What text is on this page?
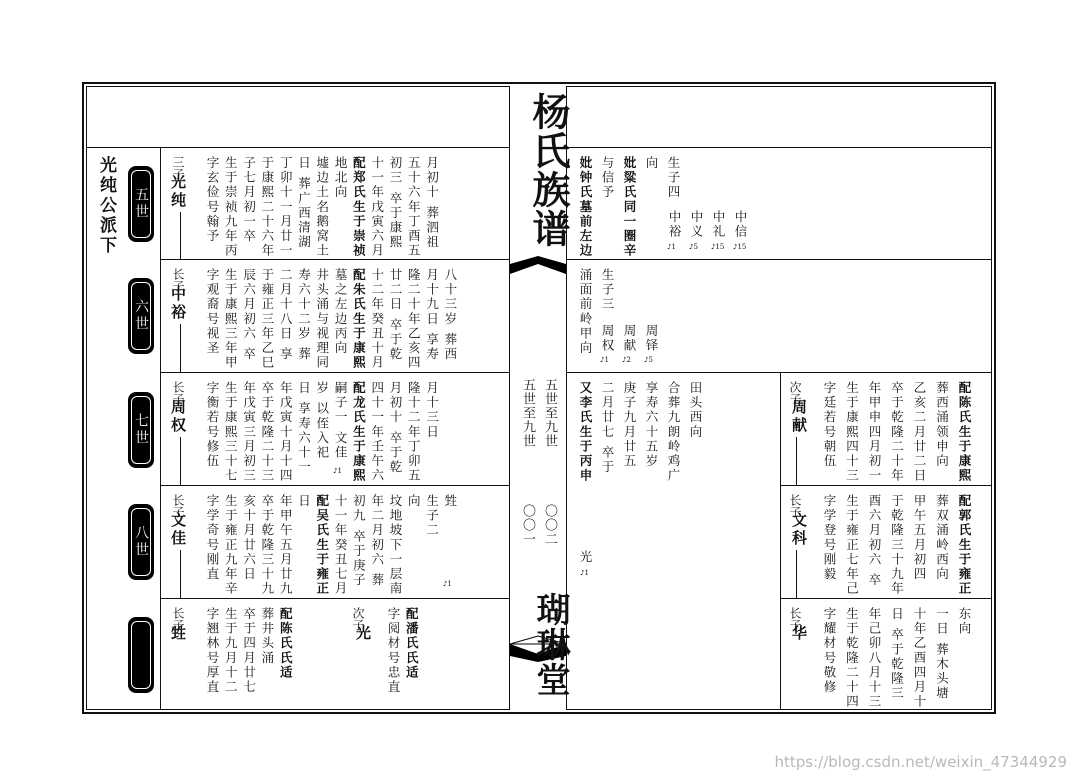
光纯公派下 五世
六世
七世
八世
三子
光纯 字玄俭号翰予 生于崇祯九年丙 子七月初一卒 于康熙二十六年 丁卯十一月廿一 日 葬广西清湖 墟边土名鹅窝土 地北向 配郑氏生于崇祯 十一年戊寅六月 初三 卒于康熙 五十六年丁酉五 月初十 葬泗祖
长子
中裕 字观裔号视圣 生于康熙三年甲 辰六月初六 卒 于雍正三年乙巳 二月十八日 享 寿六十二岁 葬 井头涌与视理同 墓之左边丙向 配朱氏生于康熙 十二年癸丑十月 廿二日 卒于乾 隆二十年乙亥四 月十九日 享寿 八十三岁 葬西
长子
周权 字衡若号修伍 生于康熙三十七 年戊寅三月初三 卒于乾隆二十三 年戊寅十月十四 日 享寿六十一 岁 以侄入祀 嗣子一 文佳 配龙氏生于康熙 四十一年壬午六 月初十 卒于乾 隆十二年丁卯五 月十三日
♪1
长子
文佳 字学奇号刚直 生于雍正九年辛 亥十月廿六日 卒于乾隆三十九 年甲午五月廿九 日 配吴氏生于雍正 十一年癸丑七月 初九 卒于庚子 年二月初六 葬 坟地坡下一层南 向 生子二 甡
♪1
长子
甡 字翘林号厚直 生于九月十二 卒于四月廿七 葬井头涌 配陈氏氏适	次子
光 字阅材号忠直 配潘氏氏适
妣钟氏墓前左边 与信予 妣粱氏同一圈辛 向 生子四
中裕
♪1
中义
♪5
中礼
♪15
中信
♪15
涌面前岭甲向 生子三
周权
♪1
周献
♪2
周铎
♪5
又李氏生于丙申 二月廿七 卒于 庚子九月廿五 享寿六十五岁 合葬九朗岭鸡广 田头西向
光
♪1
次子
周献 字廷若号朝伍 生于康熙四十三 年甲申四月初一 卒于乾隆二十年 乙亥二月廿二日 葬西涌领申向 配陈氏生于康熙
长子
文科 字学登号刚毅 生于雍正七年己 酉六月初六 卒 于乾隆三十九年 甲午五月初四 葬双涌岭西向 配郭氏生于雍正
长子
华 字耀材号敬修 生于乾隆二十四 年己卯八月十三 日 卒于乾隆三 十年乙酉四月十 一日 葬木头塘 东向
杨氏族谱
五世至九世
五世至九世
〇〇二
〇〇一
瑚琳堂
https://blog.csdn.net/weixin_47344929
